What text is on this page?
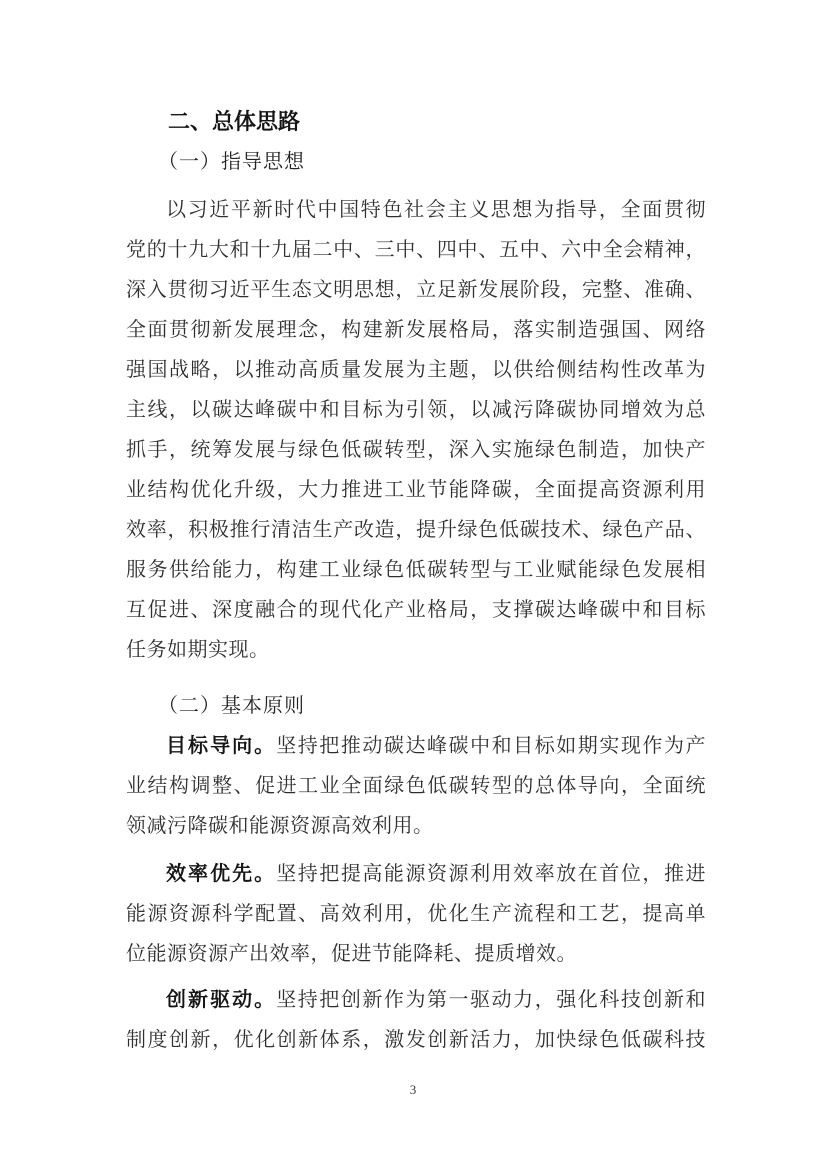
二、总体思路
（一）指导思想
以习近平新时代中国特色社会主义思想为指导，全面贯彻
党的十九大和十九届二中、三中、四中、五中、六中全会精神，
深入贯彻习近平生态文明思想，立足新发展阶段，完整、准确、
全面贯彻新发展理念，构建新发展格局，落实制造强国、网络
强国战略，以推动高质量发展为主题，以供给侧结构性改革为
主线，以碳达峰碳中和目标为引领，以减污降碳协同增效为总
抓手，统筹发展与绿色低碳转型，深入实施绿色制造，加快产
业结构优化升级，大力推进工业节能降碳，全面提高资源利用
效率，积极推行清洁生产改造，提升绿色低碳技术、绿色产品、
服务供给能力，构建工业绿色低碳转型与工业赋能绿色发展相
互促进、深度融合的现代化产业格局，支撑碳达峰碳中和目标
任务如期实现。
（二）基本原则
目标导向。坚持把推动碳达峰碳中和目标如期实现作为产
业结构调整、促进工业全面绿色低碳转型的总体导向，全面统
领减污降碳和能源资源高效利用。
效率优先。坚持把提高能源资源利用效率放在首位，推进
能源资源科学配置、高效利用，优化生产流程和工艺，提高单
位能源资源产出效率，促进节能降耗、提质增效。
创新驱动。坚持把创新作为第一驱动力，强化科技创新和
制度创新，优化创新体系，激发创新活力，加快绿色低碳科技
3
